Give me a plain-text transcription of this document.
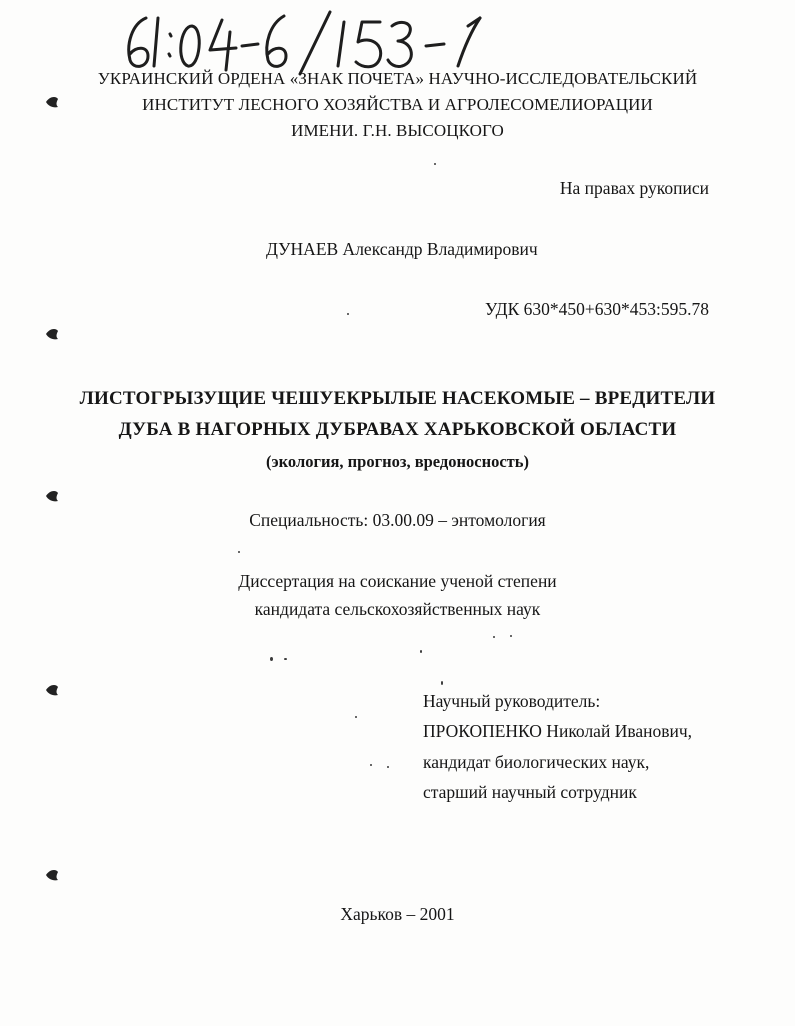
УКРАИНСКИЙ ОРДЕНА «ЗНАК ПОЧЕТА» НАУЧНО-ИССЛЕДОВАТЕЛЬСКИЙ
ИНСТИТУТ ЛЕСНОГО ХОЗЯЙСТВА И АГРОЛЕСОМЕЛИОРАЦИИ
ИМЕНИ. Г.Н. ВЫСОЦКОГО
На правах рукописи
ДУНАЕВ Александр Владимирович
УДК 630*450+630*453:595.78
ЛИСТОГРЫЗУЩИЕ ЧЕШУЕКРЫЛЫЕ НАСЕКОМЫЕ – ВРЕДИТЕЛИ
ДУБА В НАГОРНЫХ ДУБРАВАХ ХАРЬКОВСКОЙ ОБЛАСТИ
(экология, прогноз, вредоносность)
Специальность: 03.00.09 – энтомология
Диссертация на соискание ученой степени
кандидата сельскохозяйственных наук
Научный руководитель:
ПРОКОПЕНКО Николай Иванович,
кандидат биологических наук,
старший научный сотрудник
Харьков – 2001
